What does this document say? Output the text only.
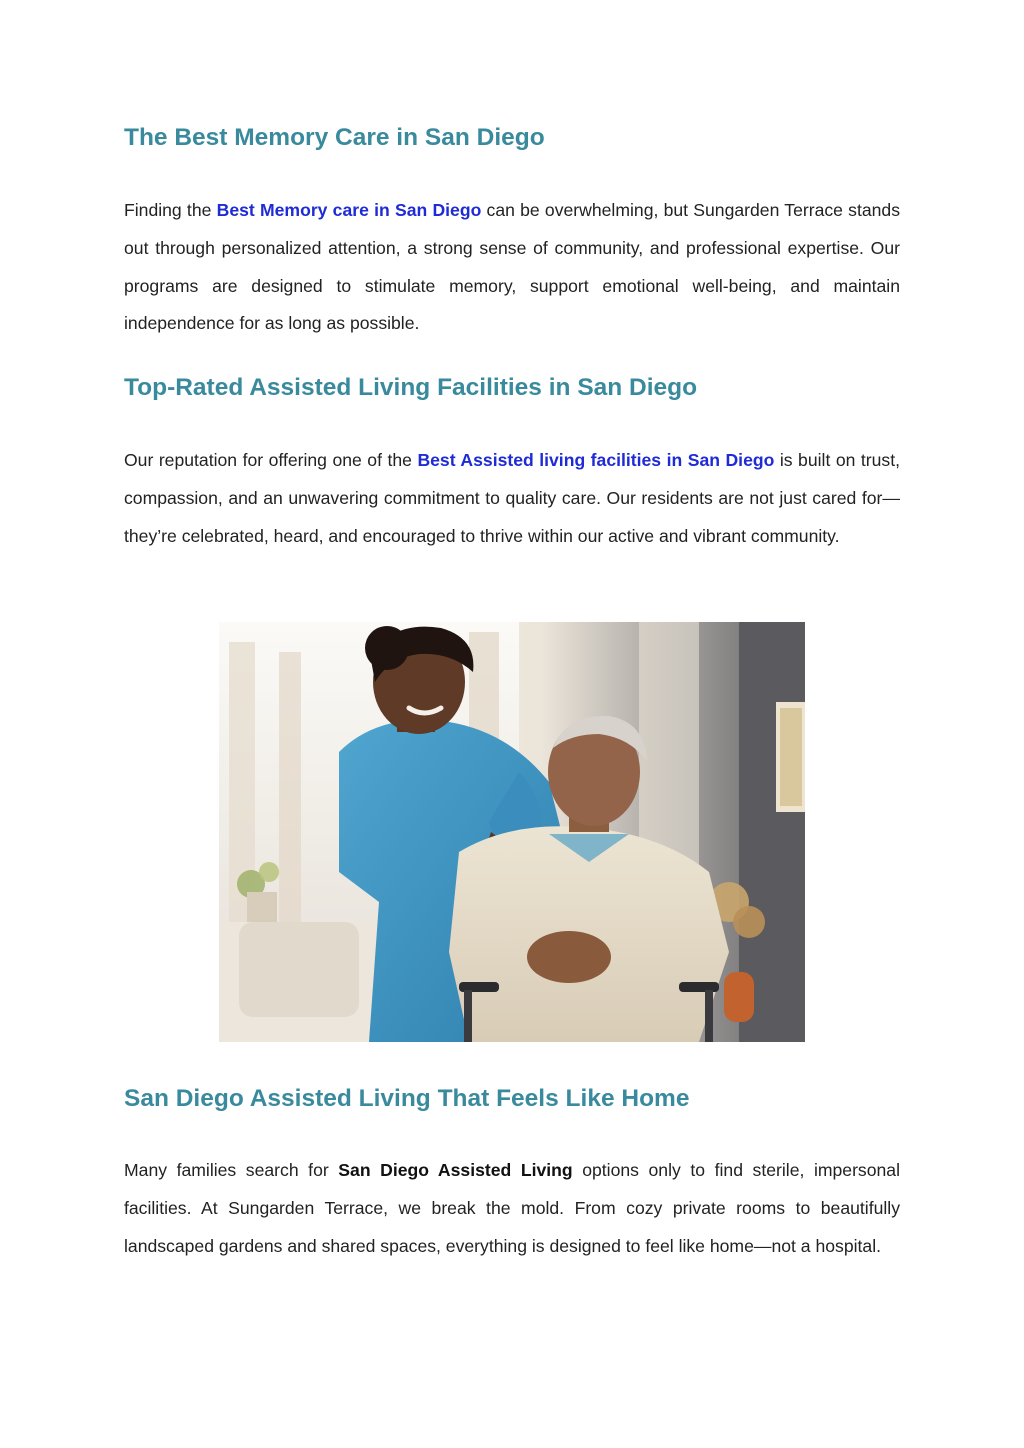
The Best Memory Care in San Diego

Finding the Best Memory care in San Diego can be overwhelming, but Sungarden Terrace stands out through personalized attention, a strong sense of community, and professional expertise. Our programs are designed to stimulate memory, support emotional well-being, and maintain independence for as long as possible.

Top-Rated Assisted Living Facilities in San Diego

Our reputation for offering one of the Best Assisted living facilities in San Diego is built on trust, compassion, and an unwavering commitment to quality care. Our residents are not just cared for—they’re celebrated, heard, and encouraged to thrive within our active and vibrant community.

San Diego Assisted Living That Feels Like Home

Many families search for San Diego Assisted Living options only to find sterile, impersonal facilities. At Sungarden Terrace, we break the mold. From cozy private rooms to beautifully landscaped gardens and shared spaces, everything is designed to feel like home—not a hospital.
